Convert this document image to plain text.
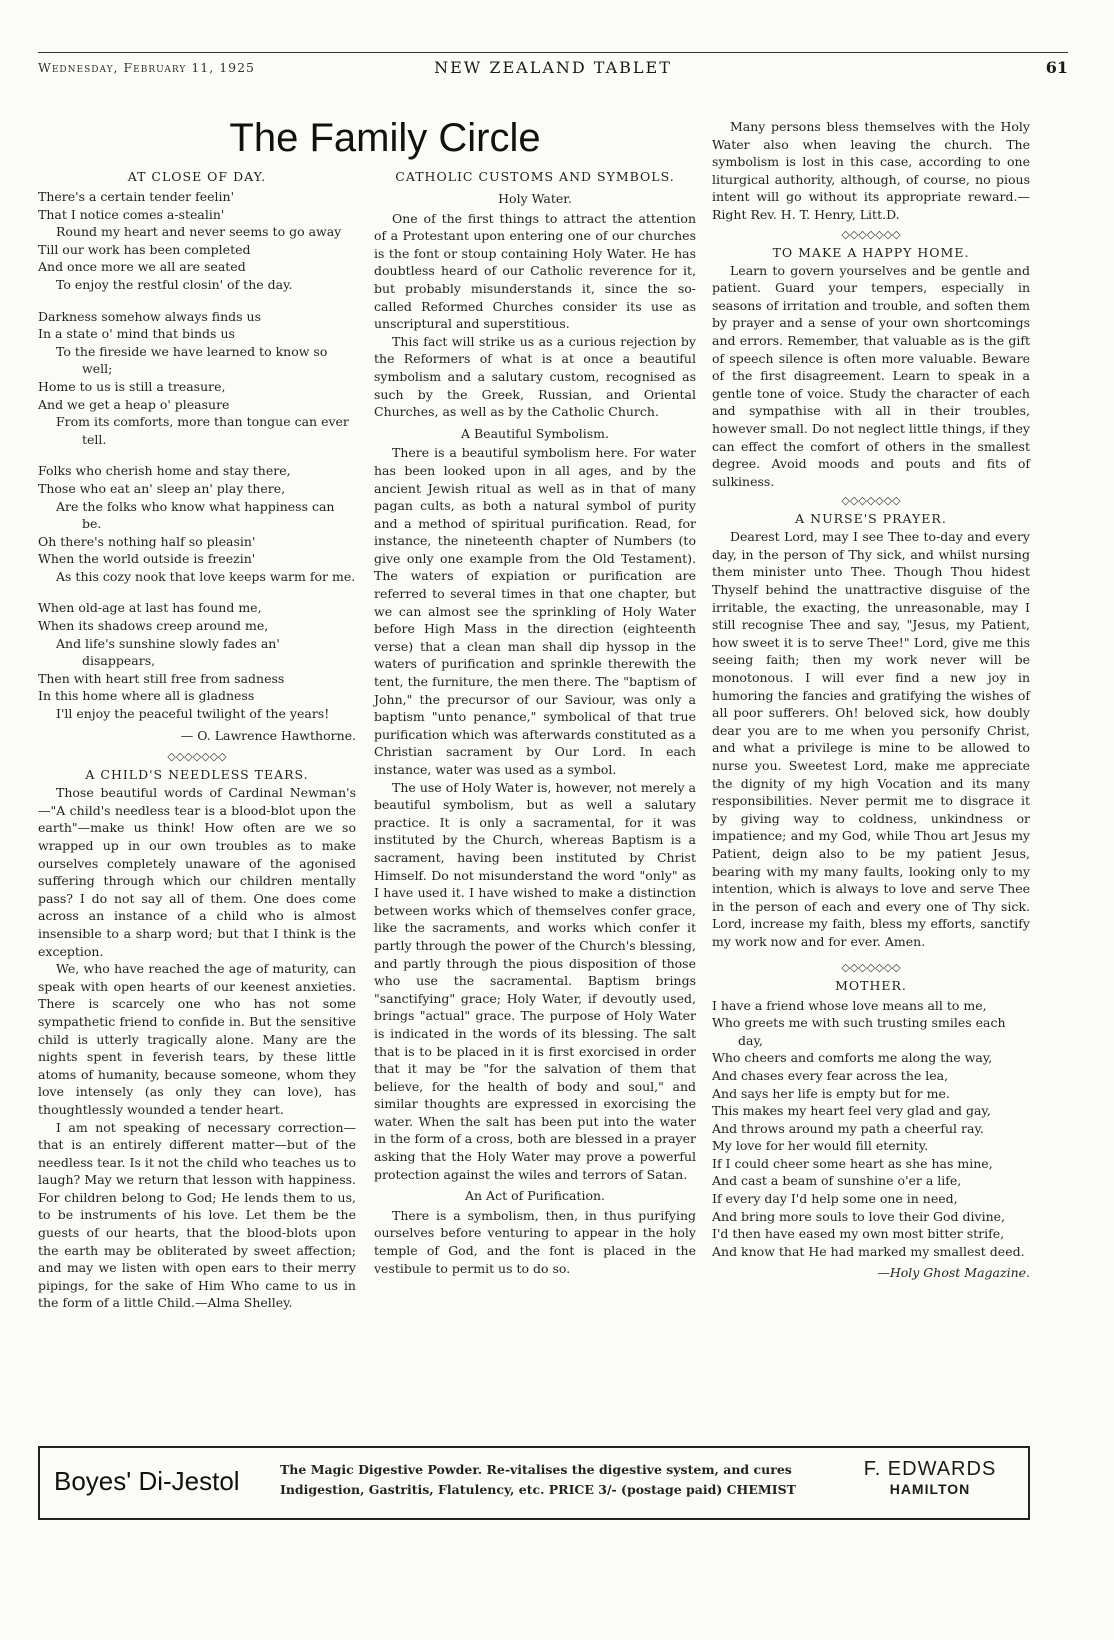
Wednesday, February 11, 1925	NEW ZEALAND TABLET	61
The Family Circle
AT CLOSE OF DAY.
There's a certain tender feelin'
That I notice comes a-stealin'
Round my heart and never seems to go away
Till our work has been completed
And once more we all are seated
To enjoy the restful closin' of the day.
Darkness somehow always finds us
In a state o' mind that binds us
To the fireside we have learned to know so well;
Home to us is still a treasure,
And we get a heap o' pleasure
From its comforts, more than tongue can ever tell.
Folks who cherish home and stay there,
Those who eat an' sleep an' play there,
Are the folks who know what happiness can be.
Oh there's nothing half so pleasin'
When the world outside is freezin'
As this cozy nook that love keeps warm for me.
When old-age at last has found me,
When its shadows creep around me,
And life's sunshine slowly fades an' disappears,
Then with heart still free from sadness
In this home where all is gladness
I'll enjoy the peaceful twilight of the years!
— O. Lawrence Hawthorne.
◇◇◇◇◇◇◇
A CHILD'S NEEDLESS TEARS.

Those beautiful words of Cardinal Newman's—"A child's needless tear is a blood-blot upon the earth"—make us think! How often are we so wrapped up in our own troubles as to make ourselves completely unaware of the agonised suffering through which our children mentally pass? I do not say all of them. One does come across an instance of a child who is almost insensible to a sharp word; but that I think is the exception.

We, who have reached the age of maturity, can speak with open hearts of our keenest anxieties. There is scarcely one who has not some sympathetic friend to confide in. But the sensitive child is utterly tragically alone. Many are the nights spent in feverish tears, by these little atoms of humanity, because someone, whom they love intensely (as only they can love), has thoughtlessly wounded a tender heart.

I am not speaking of necessary correction—that is an entirely different matter—but of the needless tear. Is it not the child who teaches us to laugh? May we return that lesson with happiness. For children belong to God; He lends them to us, to be instruments of his love. Let them be the guests of our hearts, that the blood-blots upon the earth may be obliterated by sweet affection; and may we listen with open ears to their merry pipings, for the sake of Him Who came to us in the form of a little Child.—Alma Shelley.

CATHOLIC CUSTOMS AND SYMBOLS.
Holy Water.

One of the first things to attract the attention of a Protestant upon entering one of our churches is the font or stoup containing Holy Water. He has doubtless heard of our Catholic reverence for it, but probably misunderstands it, since the so-called Reformed Churches consider its use as unscriptural and superstitious.

This fact will strike us as a curious rejection by the Reformers of what is at once a beautiful symbolism and a salutary custom, recognised as such by the Greek, Russian, and Oriental Churches, as well as by the Catholic Church.

A Beautiful Symbolism.

There is a beautiful symbolism here. For water has been looked upon in all ages, and by the ancient Jewish ritual as well as in that of many pagan cults, as both a natural symbol of purity and a method of spiritual purification. Read, for instance, the nineteenth chapter of Numbers (to give only one example from the Old Testament). The waters of expiation or purification are referred to several times in that one chapter, but we can almost see the sprinkling of Holy Water before High Mass in the direction (eighteenth verse) that a clean man shall dip hyssop in the waters of purification and sprinkle therewith the tent, the furniture, the men there. The "baptism of John," the precursor of our Saviour, was only a baptism "unto penance," symbolical of that true purification which was afterwards constituted as a Christian sacrament by Our Lord. In each instance, water was used as a symbol.

The use of Holy Water is, however, not merely a beautiful symbolism, but as well a salutary practice. It is only a sacramental, for it was instituted by the Church, whereas Baptism is a sacrament, having been instituted by Christ Himself. Do not misunderstand the word "only" as I have used it. I have wished to make a distinction between works which of themselves confer grace, like the sacraments, and works which confer it partly through the power of the Church's blessing, and partly through the pious disposition of those who use the sacramental. Baptism brings "sanctifying" grace; Holy Water, if devoutly used, brings "actual" grace. The purpose of Holy Water is indicated in the words of its blessing. The salt that is to be placed in it is first exorcised in order that it may be "for the salvation of them that believe, for the health of body and soul," and similar thoughts are expressed in exorcising the water. When the salt has been put into the water in the form of a cross, both are blessed in a prayer asking that the Holy Water may prove a powerful protection against the wiles and terrors of Satan.

An Act of Purification.

There is a symbolism, then, in thus purifying ourselves before venturing to appear in the holy temple of God, and the font is placed in the vestibule to permit us to do so.

Many persons bless themselves with the Holy Water also when leaving the church. The symbolism is lost in this case, according to one liturgical authority, although, of course, no pious intent will go without its appropriate reward.—Right Rev. H. T. Henry, Litt.D.

◇◇◇◇◇◇◇
TO MAKE A HAPPY HOME.

Learn to govern yourselves and be gentle and patient. Guard your tempers, especially in seasons of irritation and trouble, and soften them by prayer and a sense of your own shortcomings and errors. Remember, that valuable as is the gift of speech silence is often more valuable. Beware of the first disagreement. Learn to speak in a gentle tone of voice. Study the character of each and sympathise with all in their troubles, however small. Do not neglect little things, if they can effect the comfort of others in the smallest degree. Avoid moods and pouts and fits of sulkiness.

◇◇◇◇◇◇◇
A NURSE'S PRAYER.

Dearest Lord, may I see Thee to-day and every day, in the person of Thy sick, and whilst nursing them minister unto Thee. Though Thou hidest Thyself behind the unattractive disguise of the irritable, the exacting, the unreasonable, may I still recognise Thee and say, "Jesus, my Patient, how sweet it is to serve Thee!" Lord, give me this seeing faith; then my work never will be monotonous. I will ever find a new joy in humoring the fancies and gratifying the wishes of all poor sufferers. Oh! beloved sick, how doubly dear you are to me when you personify Christ, and what a privilege is mine to be allowed to nurse you. Sweetest Lord, make me appreciate the dignity of my high Vocation and its many responsibilities. Never permit me to disgrace it by giving way to coldness, unkindness or impatience; and my God, while Thou art Jesus my Patient, deign also to be my patient Jesus, bearing with my many faults, looking only to my intention, which is always to love and serve Thee in the person of each and every one of Thy sick. Lord, increase my faith, bless my efforts, sanctify my work now and for ever. Amen.

◇◇◇◇◇◇◇
MOTHER.
I have a friend whose love means all to me,
Who greets me with such trusting smiles each day,
Who cheers and comforts me along the way,
And chases every fear across the lea,
And says her life is empty but for me.
This makes my heart feel very glad and gay,
And throws around my path a cheerful ray.
My love for her would fill eternity.
If I could cheer some heart as she has mine,
And cast a beam of sunshine o'er a life,
If every day I'd help some one in need,
And bring more souls to love their God divine,
I'd then have eased my own most bitter strife,
And know that He had marked my smallest deed.
—Holy Ghost Magazine.
Boyes' Di-Jestol	The Magic Digestive Powder. Re-vitalises the digestive system, and cures
Indigestion, Gastritis, Flatulency, etc. PRICE 3/- (postage paid) CHEMIST
F. EDWARDS
HAMILTON
